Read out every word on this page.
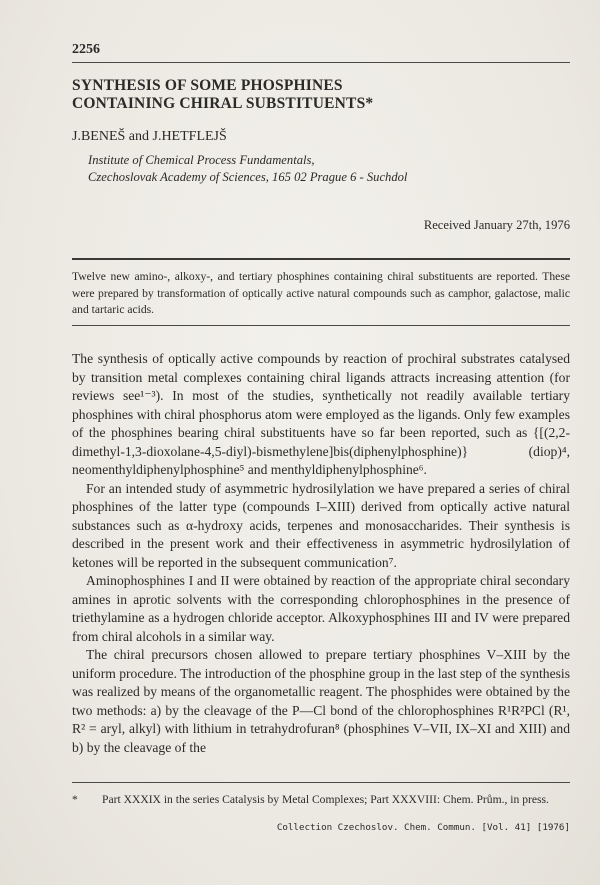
2256
SYNTHESIS OF SOME PHOSPHINES
CONTAINING CHIRAL SUBSTITUENTS*
J.BENEŠ and J.HETFLEJŠ
Institute of Chemical Process Fundamentals,
Czechoslovak Academy of Sciences, 165 02 Prague 6 - Suchdol
Received January 27th, 1976
Twelve new amino-, alkoxy-, and tertiary phosphines containing chiral substituents are reported. These were prepared by transformation of optically active natural compounds such as camphor, galactose, malic and tartaric acids.

The synthesis of optically active compounds by reaction of prochiral substrates catalysed by transition metal complexes containing chiral ligands attracts increasing attention (for reviews see¹⁻³). In most of the studies, synthetically not readily available tertiary phosphines with chiral phosphorus atom were employed as the ligands. Only few examples of the phosphines bearing chiral substituents have so far been reported, such as {[(2,2-dimethyl-1,3-dioxolane-4,5-diyl)-bismethylene]bis(diphenylphosphine)} (diop)⁴, neomenthyldiphenylphosphine⁵ and menthyldiphenylphosphine⁶.

For an intended study of asymmetric hydrosilylation we have prepared a series of chiral phosphines of the latter type (compounds I–XIII) derived from optically active natural substances such as α-hydroxy acids, terpenes and monosaccharides. Their synthesis is described in the present work and their effectiveness in asymmetric hydrosilylation of ketones will be reported in the subsequent communication⁷.

Aminophosphines I and II were obtained by reaction of the appropriate chiral secondary amines in aprotic solvents with the corresponding chlorophosphines in the presence of triethylamine as a hydrogen chloride acceptor. Alkoxyphosphines III and IV were prepared from chiral alcohols in a similar way.

The chiral precursors chosen allowed to prepare tertiary phosphines V–XIII by the uniform procedure. The introduction of the phosphine group in the last step of the synthesis was realized by means of the organometallic reagent. The phosphides were obtained by the two methods: a) by the cleavage of the P—Cl bond of the chlorophosphines R¹R²PCl (R¹, R² = aryl, alkyl) with lithium in tetrahydrofuran⁸ (phosphines V–VII, IX–XI and XIII) and b) by the cleavage of the

* Part XXXIX in the series Catalysis by Metal Complexes; Part XXXVIII: Chem. Prům., in press.
Collection Czechoslov. Chem. Commun. [Vol. 41] [1976]
